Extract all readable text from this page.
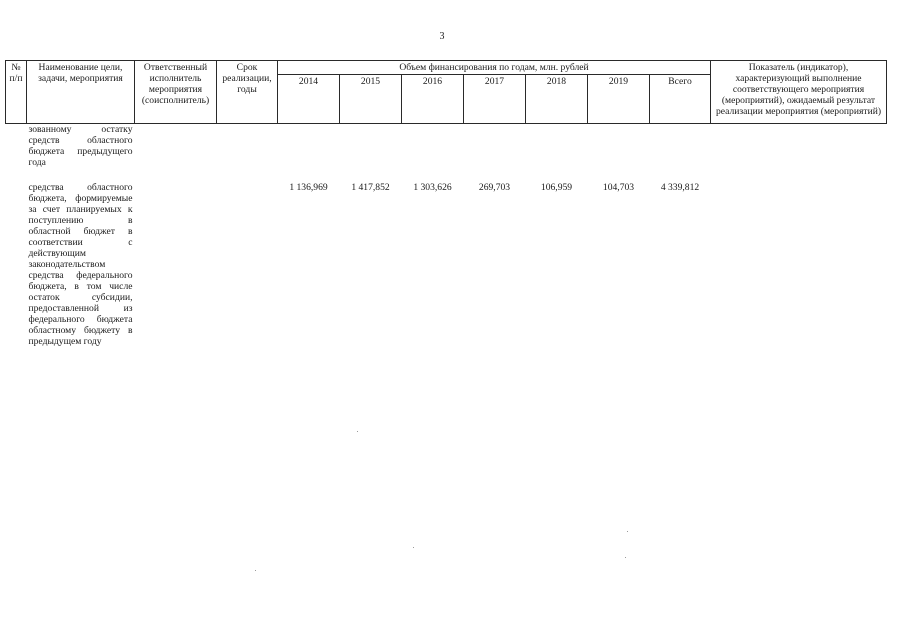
3
№ п/п	Наименование цели, задачи, мероприятия	Ответственный исполнитель мероприятия (соисполнитель)	Срок реализации, годы	Объем финансирования по годам, млн. рублей							Показатель (индикатор), характеризующий выполнение соответствующего мероприятия (мероприятий), ожидаемый результат реализации мероприятия (мероприятий)
				2014	2015	2016	2017	2018	2019	Всего	
	зованному остатку средств областного бюджета предыдущего года										
	средства областного бюджета, формируемые за счет планируемых к поступлению в областной бюджет в соответствии с действующим законодательством средства федерального бюджета, в том числе остаток субсидии, предоставленной из федерального бюджета областному бюджету в предыдущем году			1 136,969	1 417,852	1 303,626	269,703	106,959	104,703	4 339,812	
